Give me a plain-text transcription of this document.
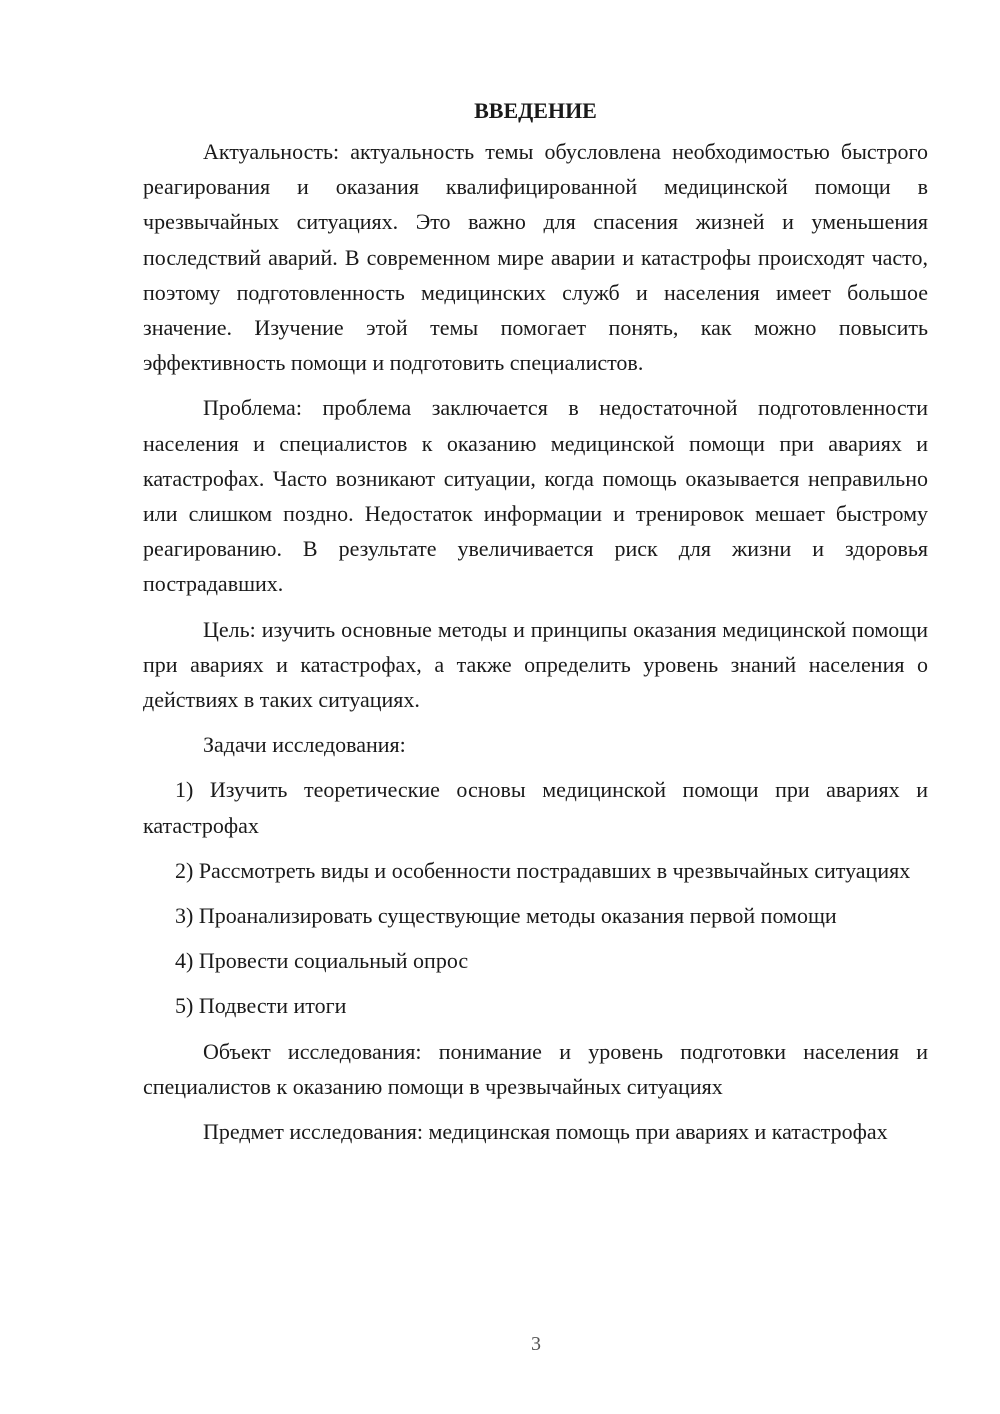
ВВЕДЕНИЕ

Актуальность: актуальность темы обусловлена необходимостью быстрого реагирования и оказания квалифицированной медицинской помощи в чрезвычайных ситуациях. Это важно для спасения жизней и уменьшения последствий аварий. В современном мире аварии и катастрофы происходят часто, поэтому подготовленность медицинских служб и населения имеет большое значение. Изучение этой темы помогает понять, как можно повысить эффективность помощи и подготовить специалистов.

Проблема: проблема заключается в недостаточной подготовленности населения и специалистов к оказанию медицинской помощи при авариях и катастрофах. Часто возникают ситуации, когда помощь оказывается неправильно или слишком поздно. Недостаток информации и тренировок мешает быстрому реагированию. В результате увеличивается риск для жизни и здоровья пострадавших.

Цель: изучить основные методы и принципы оказания медицинской помощи при авариях и катастрофах, а также определить уровень знаний населения о действиях в таких ситуациях.

Задачи исследования:

1) Изучить теоретические основы медицинской помощи при авариях и катастрофах

2) Рассмотреть виды и особенности пострадавших в чрезвычайных ситуациях

3) Проанализировать существующие методы оказания первой помощи

4) Провести социальный опрос

5) Подвести итоги

Объект исследования: понимание и уровень подготовки населения и специалистов к оказанию помощи в чрезвычайных ситуациях

Предмет исследования: медицинская помощь при авариях и катастрофах

3
